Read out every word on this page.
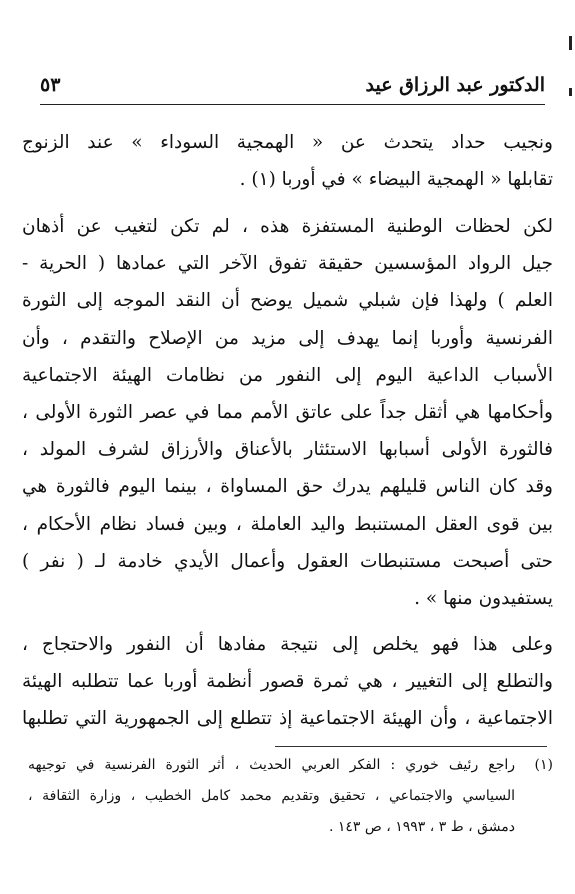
الدكتور عبد الرزاق عيد
٥٣
ونجيب حداد يتحدث عن « الهمجية السوداء » عند الزنوج
تقابلها « الهمجية البيضاء » في أوربا (١) .
لكن لحظات الوطنية المستفزة هذه ، لم تكن لتغيب عن أذهان
جيل الرواد المؤسسين حقيقة تفوق الآخر التي عمادها ( الحرية -
العلم ) ولهذا فإن شبلي شميل يوضح أن النقد الموجه إلى الثورة
الفرنسية وأوربا إنما يهدف إلى مزيد من الإصلاح والتقدم ، وأن
الأسباب الداعية اليوم إلى النفور من نظامات الهيئة الاجتماعية
وأحكامها هي أثقل جداً على عاتق الأمم مما في عصر الثورة الأولى ،
فالثورة الأولى أسبابها الاستئثار بالأعناق والأرزاق لشرف المولد ،
وقد كان الناس قليلهم يدرك حق المساواة ، بينما اليوم فالثورة هي
بين قوى العقل المستنبط واليد العاملة ، وبين فساد نظام الأحكام ،
حتى أصبحت مستنبطات العقول وأعمال الأيدي خادمة لـ ( نفر )
يستفيدون منها » .
وعلى هذا فهو يخلص إلى نتيجة مفادها أن النفور والاحتجاج ،
والتطلع إلى التغيير ، هي ثمرة قصور أنظمة أوربا عما تتطلبه الهيئة
الاجتماعية ، وأن الهيئة الاجتماعية إذ تتطلع إلى الجمهورية التي تطلبها
(١)راجع رئيف خوري : الفكر العربي الحديث ، أثر الثورة الفرنسية في توجيهه
السياسي والاجتماعي ، تحقيق وتقديم محمد كامل الخطيب ، وزارة الثقافة ،
دمشق ، ط ٣ ، ١٩٩٣ ، ص ١٤٣ .
